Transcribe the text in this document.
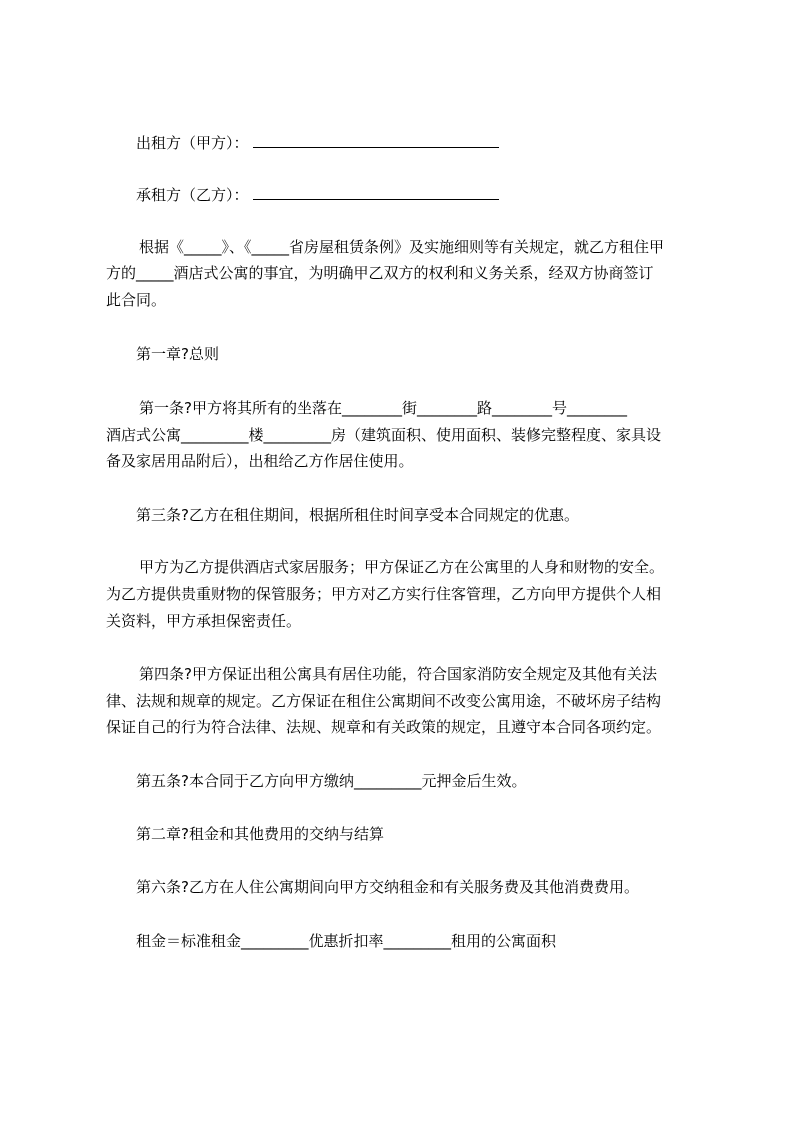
出租方（甲方）：
承租方（乙方）：
根据《_____》、《_____省房屋租赁条例》及实施细则等有关规定，就乙方租住甲
方的_____酒店式公寓的事宜，为明确甲乙双方的权利和义务关系，经双方协商签订
此合同。
第一章?总则
第一条?甲方将其所有的坐落在________街________路________号________
酒店式公寓_________楼_________房（建筑面积、使用面积、装修完整程度、家具设
备及家居用品附后），出租给乙方作居住使用。
第三条?乙方在租住期间，根据所租住时间享受本合同规定的优惠。
甲方为乙方提供酒店式家居服务；甲方保证乙方在公寓里的人身和财物的安全。
为乙方提供贵重财物的保管服务；甲方对乙方实行住客管理，乙方向甲方提供个人相
关资料，甲方承担保密责任。
第四条?甲方保证出租公寓具有居住功能，符合国家消防安全规定及其他有关法
律、法规和规章的规定。乙方保证在租住公寓期间不改变公寓用途，不破坏房子结构
保证自己的行为符合法律、法规、规章和有关政策的规定，且遵守本合同各项约定。
第五条?本合同于乙方向甲方缴纳_________元押金后生效。
第二章?租金和其他费用的交纳与结算
第六条?乙方在人住公寓期间向甲方交纳租金和有关服务费及其他消费费用。
租金＝标准租金_________优惠折扣率_________租用的公寓面积
